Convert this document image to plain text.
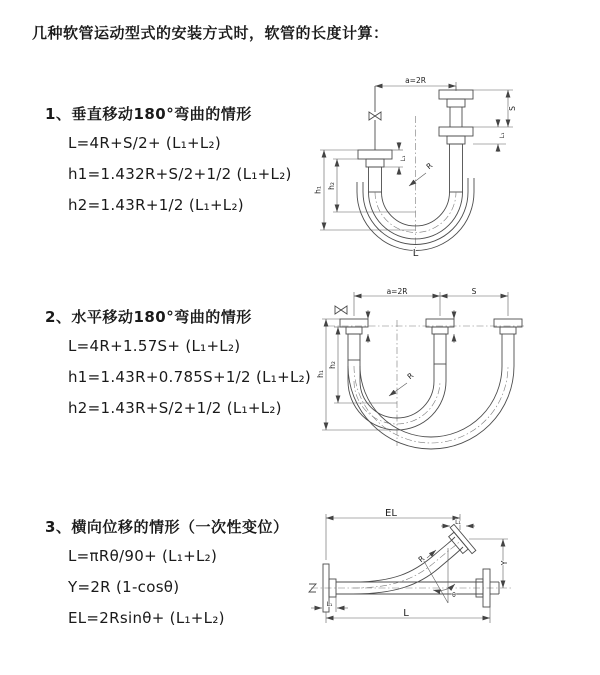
几种软管运动型式的安装方式时，软管的长度计算：
1、垂直移动180°弯曲的情形

L=4R+S/2+ (L₁+L₂)

h1=1.432R+S/2+1/2 (L₁+L₂)

h2=1.43R+1/2 (L₁+L₂)

2、水平移动180°弯曲的情形

L=4R+1.57S+ (L₁+L₂)

h1=1.43R+0.785S+1/2 (L₁+L₂)

h2=1.43R+S/2+1/2 (L₁+L₂)

3、横向位移的情形（一次性变位）

L=πRθ/90+ (L₁+L₂)

Y=2R (1-cosθ)

EL=2Rsinθ+ (L₁+L₂)

a=2R
h₁
h₂
L₁
S
L₁
R
L
a=2R	S
h₁
h₂
R
EL
L₁
Y
L
L₁
θ
R
